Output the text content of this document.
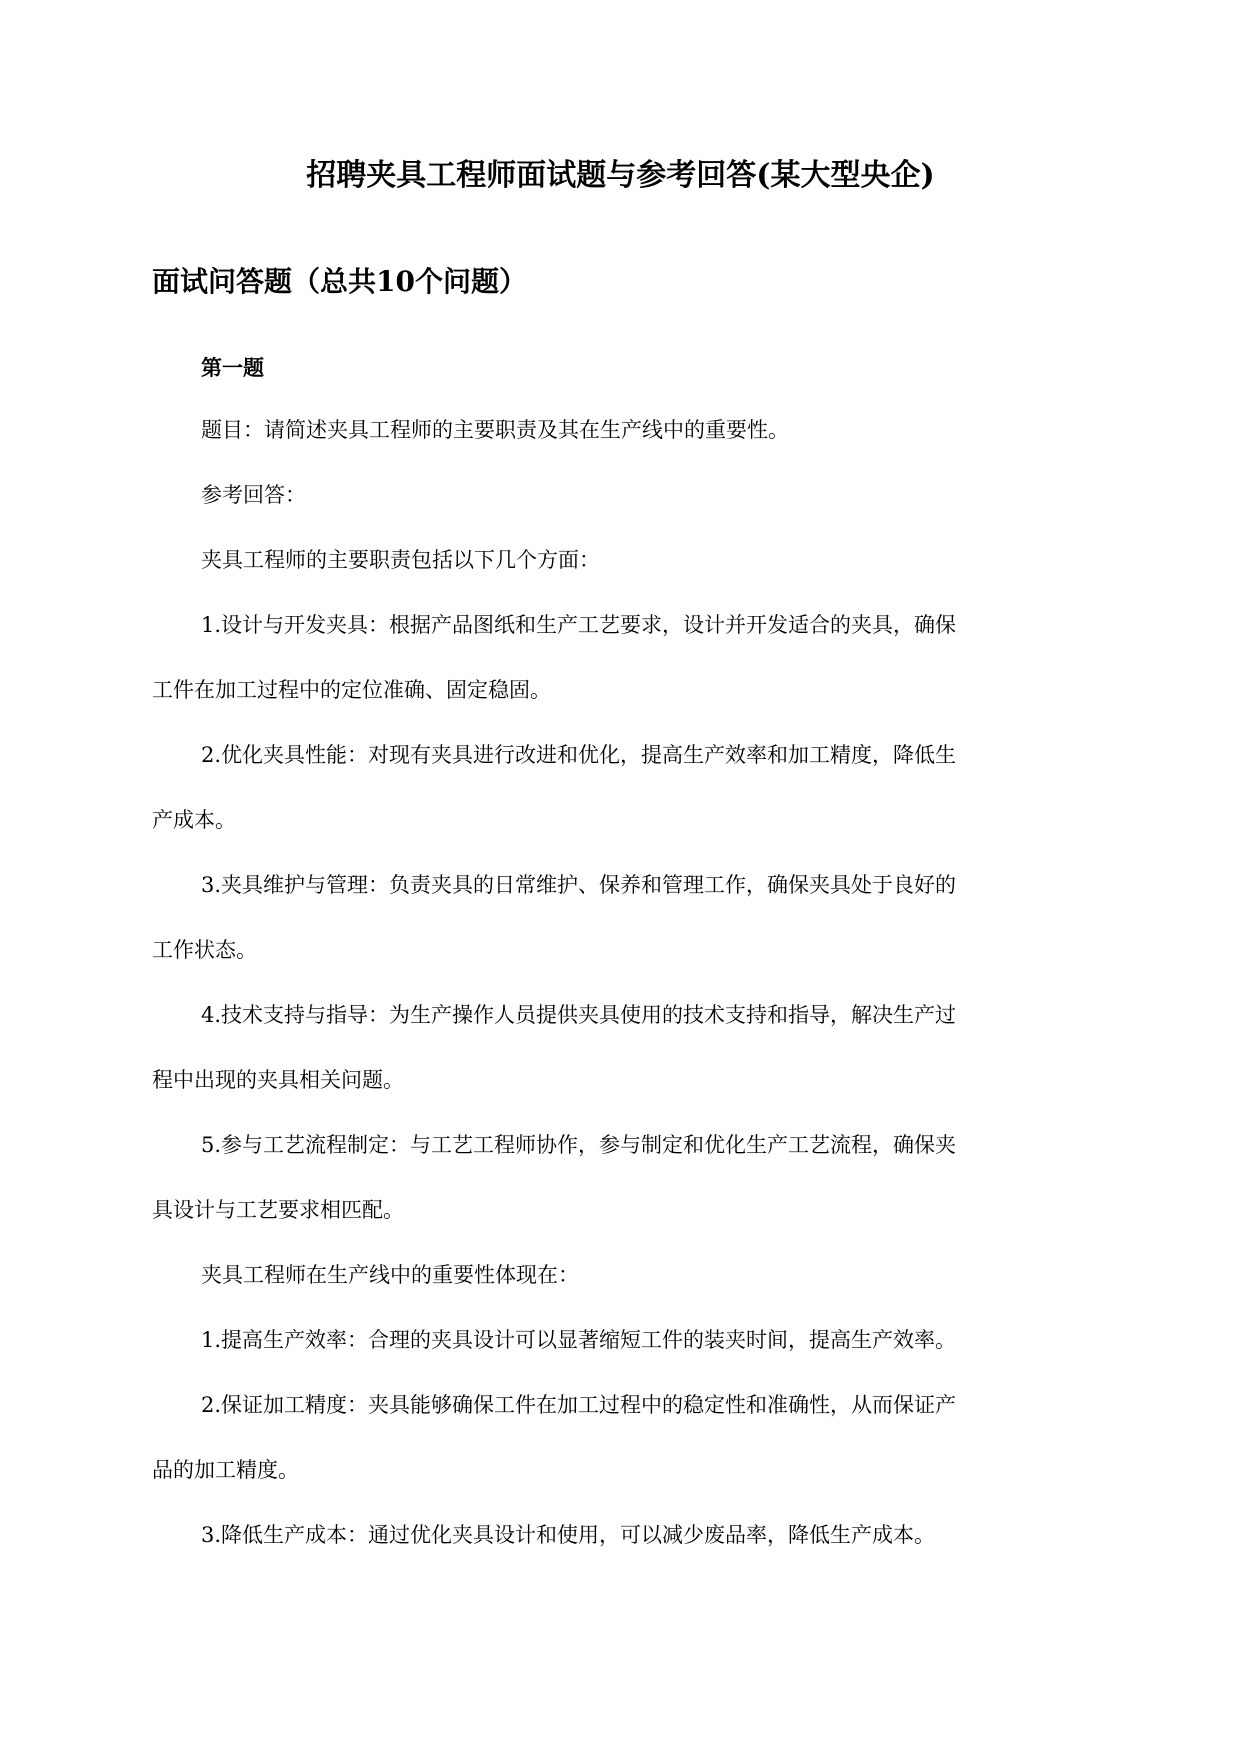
招聘夹具工程师面试题与参考回答(某大型央企)
面试问答题（总共10个问题）
第一题
题目：请简述夹具工程师的主要职责及其在生产线中的重要性。
参考回答：
夹具工程师的主要职责包括以下几个方面：
1.设计与开发夹具：根据产品图纸和生产工艺要求，设计并开发适合的夹具，确保
工件在加工过程中的定位准确、固定稳固。
2.优化夹具性能：对现有夹具进行改进和优化，提高生产效率和加工精度，降低生
产成本。
3.夹具维护与管理：负责夹具的日常维护、保养和管理工作，确保夹具处于良好的
工作状态。
4.技术支持与指导：为生产操作人员提供夹具使用的技术支持和指导，解决生产过
程中出现的夹具相关问题。
5.参与工艺流程制定：与工艺工程师协作，参与制定和优化生产工艺流程，确保夹
具设计与工艺要求相匹配。
夹具工程师在生产线中的重要性体现在：
1.提高生产效率：合理的夹具设计可以显著缩短工件的装夹时间，提高生产效率。
2.保证加工精度：夹具能够确保工件在加工过程中的稳定性和准确性，从而保证产
品的加工精度。
3.降低生产成本：通过优化夹具设计和使用，可以减少废品率，降低生产成本。
